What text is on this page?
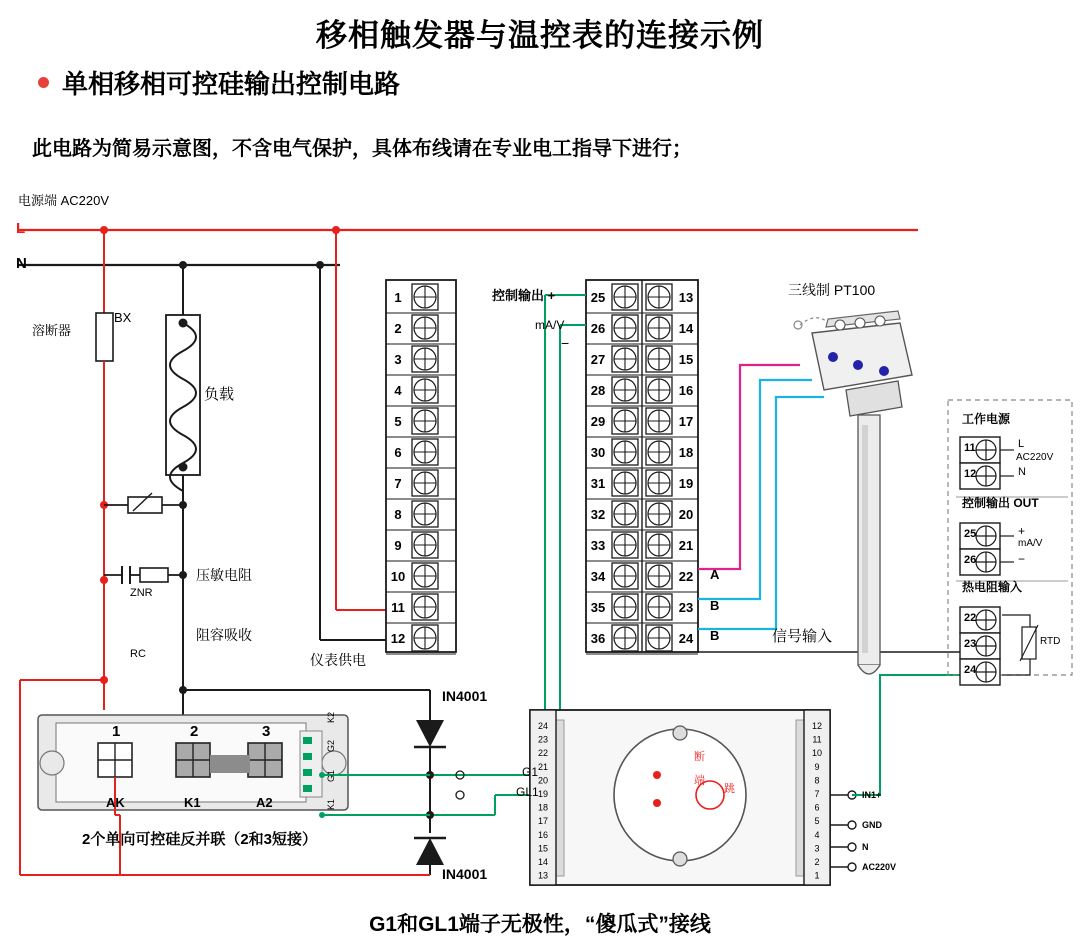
移相触发器与温控表的连接示例
单相移相可控硅输出控制电路
此电路为简易示意图，不含电气保护，具体布线请在专业电工指导下进行；
1
2
3
4
5
6
7
8
9
10
11
12
25
26
27
28
29
30
31
32
33
34
35
36
13
14
15
16
17
18
19
20
21
22
23
24
24
23
22
21
20
19
18
17
16
15
14
13
12
11
10
9
8
7
6
5
4
3
2
1
电源端 AC220V
L
N
溶断器
BX
负载
压敏电阻
ZNR
阻容吸收
RC	仪表供电
控制输出 +
mA/V
−
A
B
B	信号输入
三线制 PT100
工作电源
11
12
L
N
AC220V
控制输出 OUT
25
26
+
−
mA/V
热电阻输入
22
23
24
RTD
1	2	3
AK	K1	A2
K2
G2
G1
K1
2个单向可控硅反并联（2和3短接）
IN4001
IN4001
G1
GL1	IN1+
GND
N
AC220V
断
端
跳
G1和GL1端子无极性，“傻瓜式”接线
